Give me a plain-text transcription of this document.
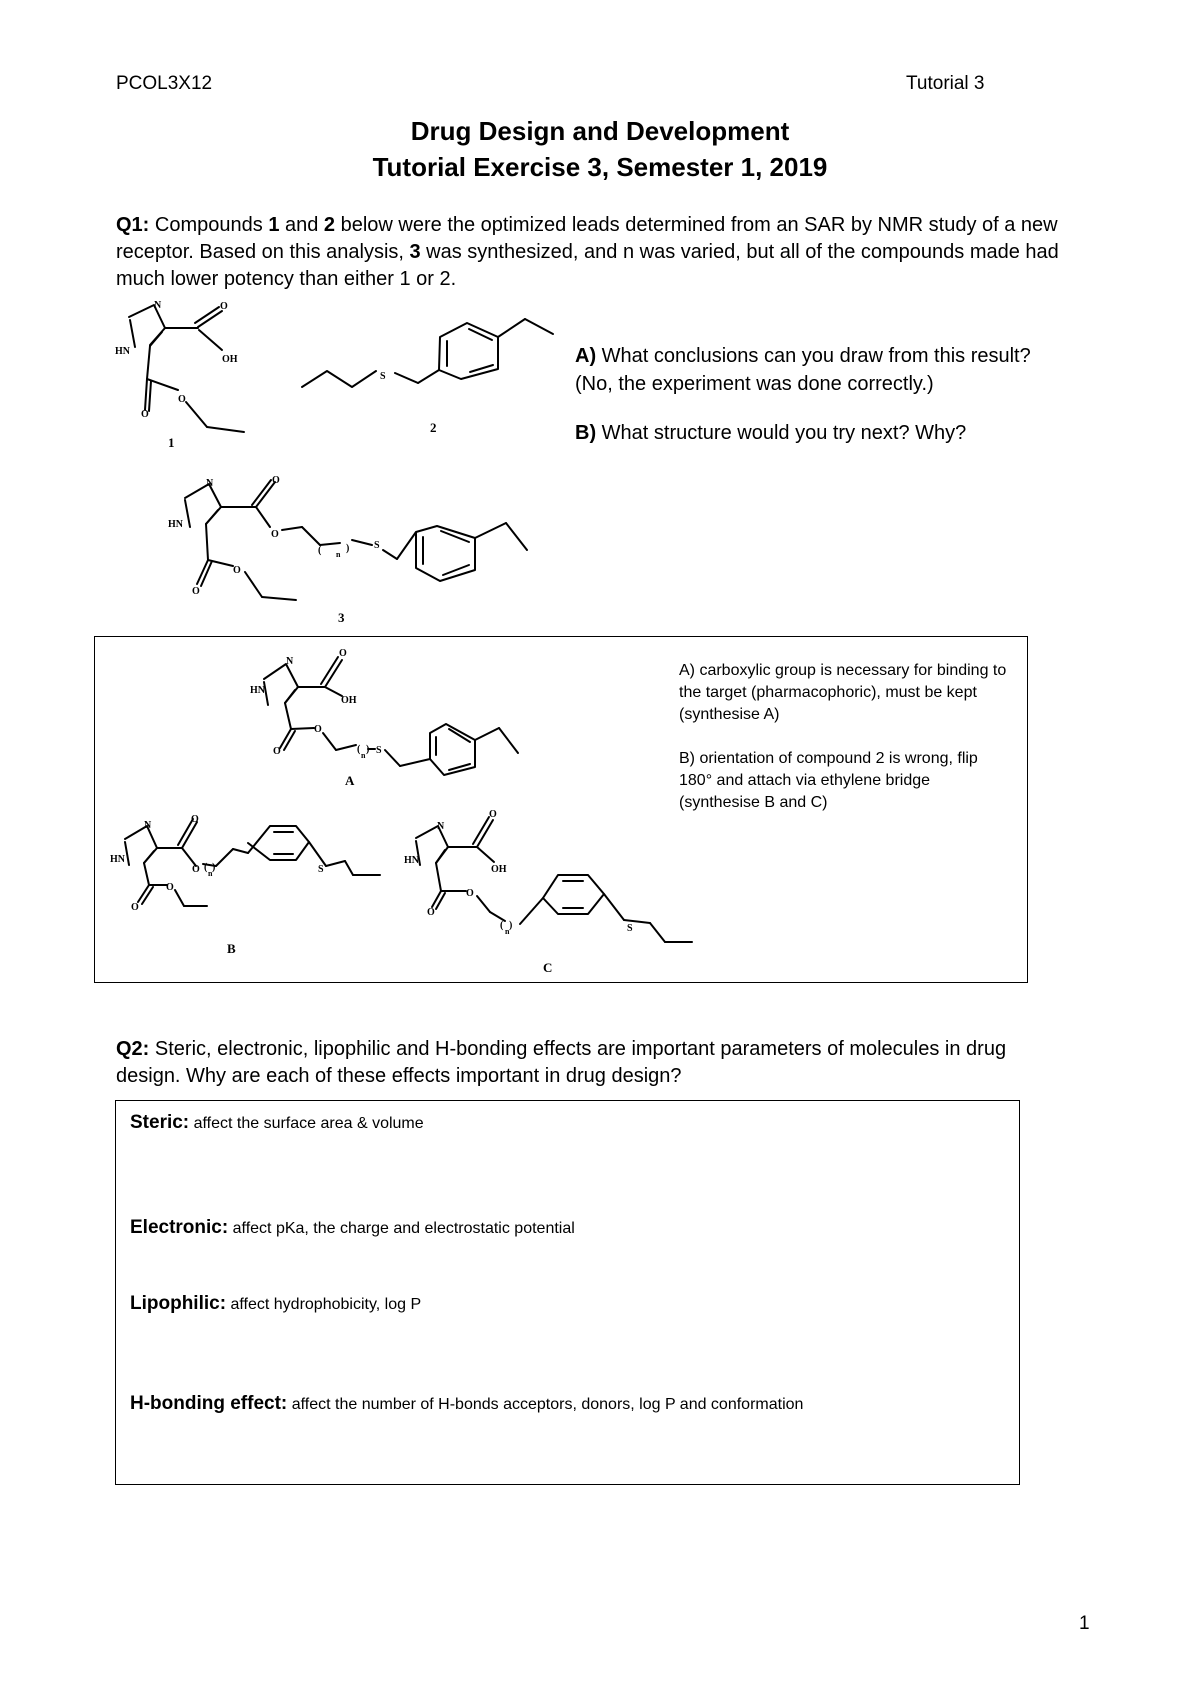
PCOL3X12	Tutorial 3
Drug Design and Development
Tutorial Exercise 3, Semester 1, 2019
Q1: Compounds 1 and 2 below were the optimized leads determined from an SAR by NMR study of a new receptor. Based on this analysis, 3 was synthesized, and n was varied, but all of the compounds made had much lower potency than either 1 or 2.
A) What conclusions can you draw from this result?
(No, the experiment was done correctly.)
B) What structure would you try next? Why?
A) carboxylic group is necessary for binding to the target (pharmacophoric), must be kept (synthesise A)
B) orientation of compound 2 is wrong, flip 180° and attach via ethylene bridge (synthesise B and C)
N
HN
O
OH
O
O
1
S
2
N
HN
O
O
( )
n
S
O
O
3
N
HN
O
OH
O
O	( )
n S
A
N
HN
O
O ( )
n	S
O
O
B
N
HN
O
OH
O
O
( )
n	S
C
Q2: Steric, electronic, lipophilic and H-bonding effects are important parameters of molecules in drug design. Why are each of these effects important in drug design?
Steric: affect the surface area & volume
Electronic: affect pKa, the charge and electrostatic potential
Lipophilic: affect hydrophobicity, log P
H-bonding effect: affect the number of H-bonds acceptors, donors, log P and conformation
1
